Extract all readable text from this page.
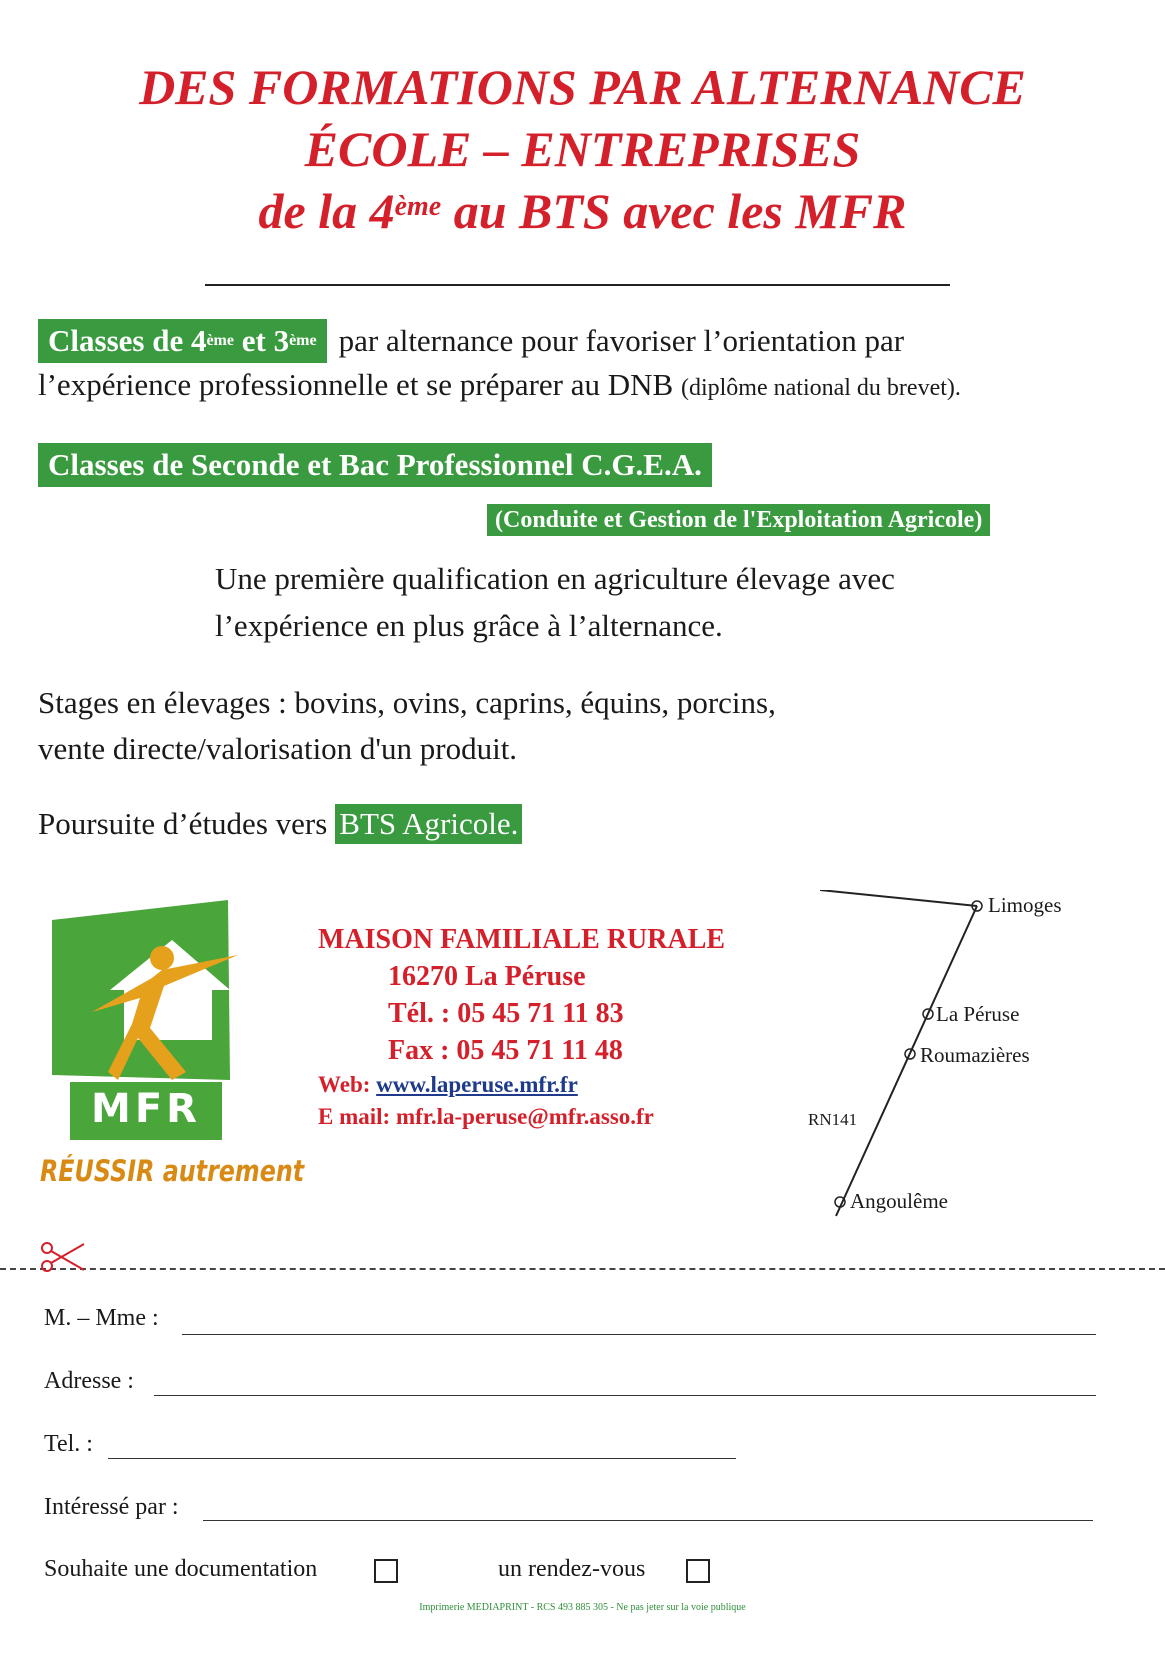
DES FORMATIONS PAR ALTERNANCE
ÉCOLE – ENTREPRISES
de la 4ème au BTS avec les MFR
Classes de 4ème et 3ème par alternance pour favoriser l’orientation par
l’expérience professionnelle et se préparer au DNB (diplôme national du brevet).
Classes de Seconde et Bac Professionnel C.G.E.A.
(Conduite et Gestion de l'Exploitation Agricole)
Une première qualification en agriculture élevage avec
l’expérience en plus grâce à l’alternance.
Stages en élevages : bovins, ovins, caprins, équins, porcins,
vente directe/valorisation d'un produit.
Poursuite d’études vers BTS Agricole.
MFR
RÉUSSIR autrement
MAISON FAMILIALE RURALE
16270 La Péruse
Tél. : 05 45 71 11 83
Fax : 05 45 71 11 48
Web: www.laperuse.mfr.fr
E mail: mfr.la-peruse@mfr.asso.fr
Limoges
La Péruse
Roumazières
RN141
Angoulême
M. – Mme :
Adresse :
Tel. :
Intéressé par :
Souhaite une documentation	un rendez-vous
Imprimerie MEDIAPRINT - RCS 493 885 305 - Ne pas jeter sur la voie publique
